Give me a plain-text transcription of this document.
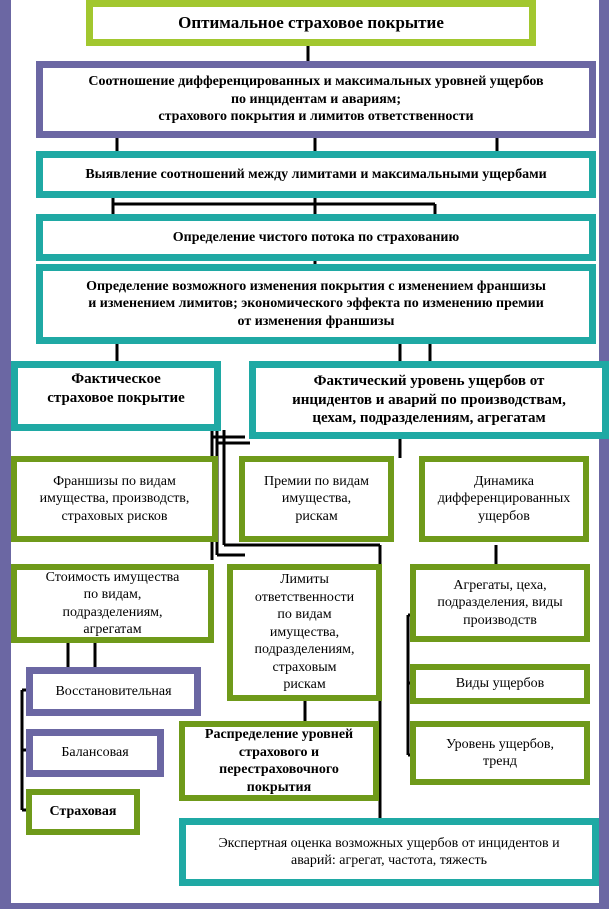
Оптимальное страховое покрытие
Соотношение дифференцированных и максимальных уровней ущербов
по инцидентам и авариям;
страхового покрытия и лимитов ответственности
Выявление соотношений между лимитами и максимальными ущербами
Определение чистого потока по страхованию
Определение возможного изменения покрытия с изменением франшизы
и изменением лимитов; экономического эффекта по изменению премии
от изменения франшизы
Фактическое
страховое покрытие
Фактический уровень ущербов от
инцидентов и аварий по производствам,
цехам, подразделениям, агрегатам
Франшизы по видам
имущества, производств,
страховых рисков
Премии по видам
имущества,
рискам
Динамика
дифференцированных
ущербов
Стоимость имущества
по видам,
подразделениям,
агрегатам
Лимиты
ответственности
по видам
имущества,
подразделениям,
страховым
рискам
Агрегаты, цеха,
подразделения, виды
производств
Восстановительная	Виды ущербов
Балансовая
Распределение уровней
страхового и
перестраховочного
покрытия
Уровень ущербов,
тренд
Страховая
Экспертная оценка возможных ущербов от инцидентов и
аварий: агрегат, частота, тяжесть
